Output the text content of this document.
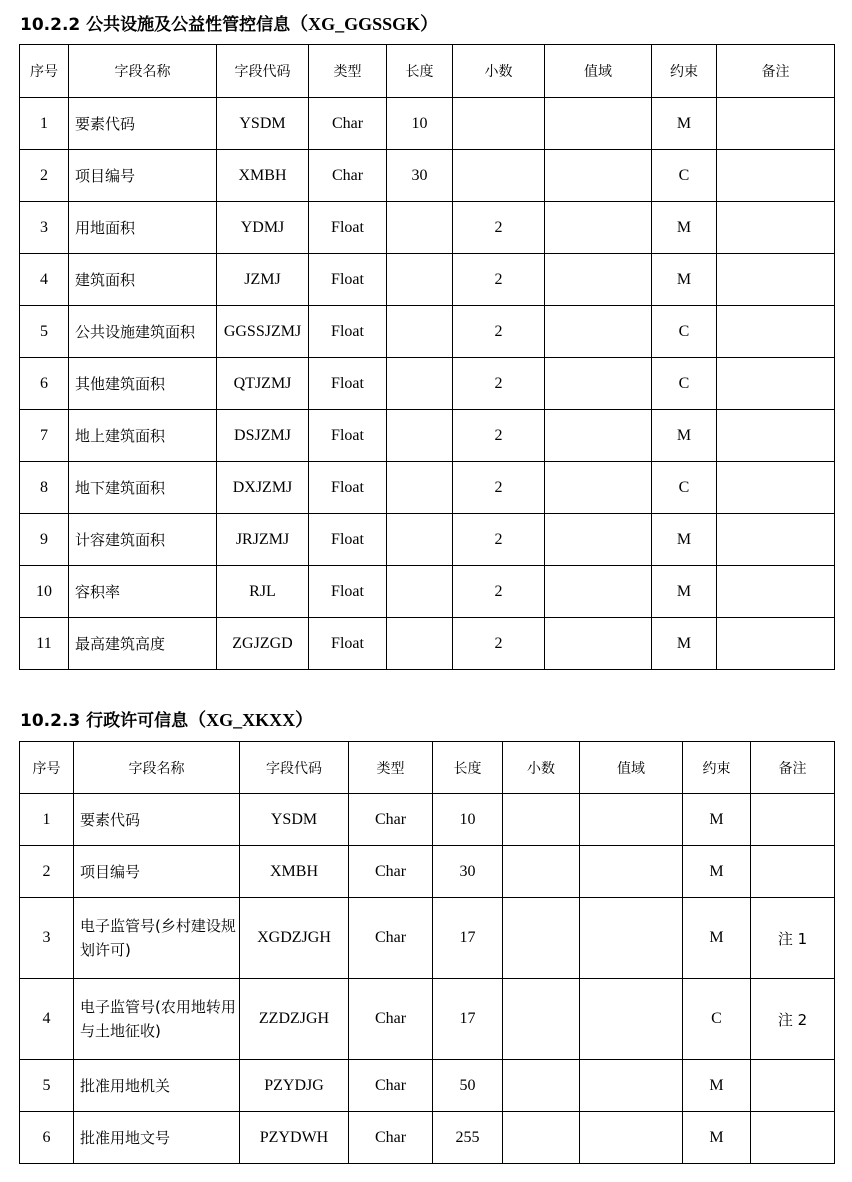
10.2.2 公共设施及公益性管控信息（XG_GGSSGK）
序号	字段名称	字段代码	类型	长度	小数	值域	约束	备注
1	要素代码	YSDM	Char	10			M	
2	项目编号	XMBH	Char	30			C	
3	用地面积	YDMJ	Float		2		M	
4	建筑面积	JZMJ	Float		2		M	
5	公共设施建筑面积	GGSSJZMJ	Float		2		C	
6	其他建筑面积	QTJZMJ	Float		2		C	
7	地上建筑面积	DSJZMJ	Float		2		M	
8	地下建筑面积	DXJZMJ	Float		2		C	
9	计容建筑面积	JRJZMJ	Float		2		M	
10	容积率	RJL	Float		2		M	
11	最高建筑高度	ZGJZGD	Float		2		M	
10.2.3 行政许可信息（XG_XKXX）
序号	字段名称	字段代码	类型	长度	小数	值域	约束	备注
1	要素代码	YSDM	Char	10			M	
2	项目编号	XMBH	Char	30			M	
3	电子监管号(乡村建设规划许可)	XGDZJGH	Char	17			M	注 1
4	电子监管号(农用地转用与土地征收)	ZZDZJGH	Char	17			C	注 2
5	批准用地机关	PZYDJG	Char	50			M	
6	批准用地文号	PZYDWH	Char	255			M	
